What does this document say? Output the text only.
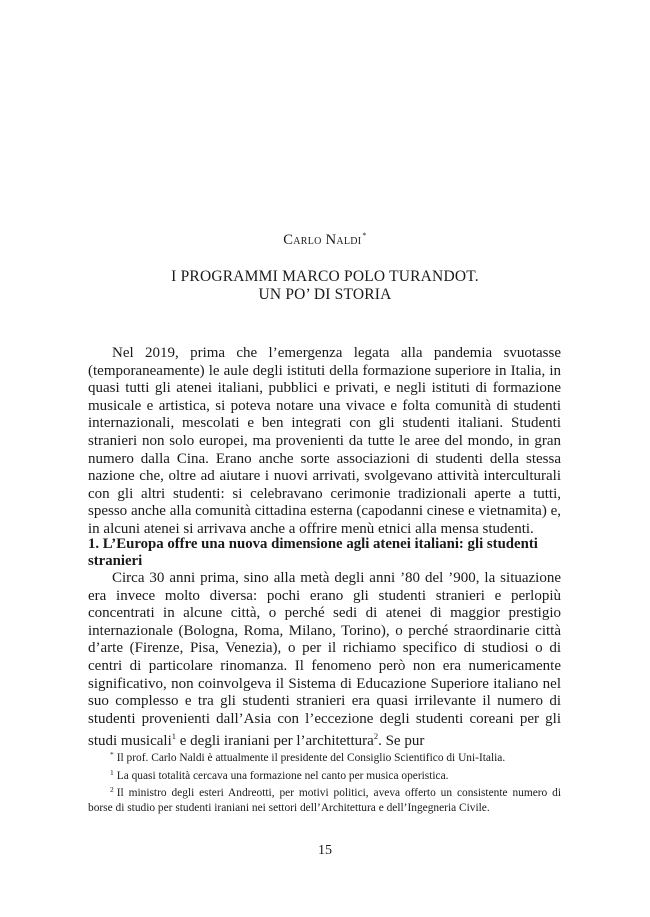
Carlo Naldi*
I PROGRAMMI MARCO POLO TURANDOT.
UN PO’ DI STORIA

Nel 2019, prima che l’emergenza legata alla pandemia svuotasse (temporaneamente) le aule degli istituti della formazione superiore in Italia, in quasi tutti gli atenei italiani, pubblici e privati, e negli istituti di formazione musicale e artistica, si poteva notare una vivace e folta comunità di studenti internazionali, mescolati e ben integrati con gli studenti italiani. Studenti stranieri non solo europei, ma provenienti da tutte le aree del mondo, in gran numero dalla Cina. Erano anche sorte associazioni di studenti della stessa nazione che, oltre ad aiutare i nuovi arrivati, svolgevano attività interculturali con gli altri studenti: si celebravano cerimonie tradizionali aperte a tutti, spesso anche alla comunità cittadina esterna (capodanni cinese e vietnamita) e, in alcuni atenei si arrivava anche a offrire menù etnici alla mensa studenti.

1. L’Europa offre una nuova dimensione agli atenei italiani: gli studenti stranieri

Circa 30 anni prima, sino alla metà degli anni ’80 del ’900, la situazione era invece molto diversa: pochi erano gli studenti stranieri e perlopiù concentrati in alcune città, o perché sedi di atenei di maggior prestigio internazionale (Bologna, Roma, Milano, Torino), o perché straordinarie città d’arte (Firenze, Pisa, Venezia), o per il richiamo specifico di studiosi o di centri di particolare rinomanza. Il fenomeno però non era numericamente significativo, non coinvolgeva il Sistema di Educazione Superiore italiano nel suo complesso e tra gli studenti stranieri era quasi irrilevante il numero di studenti provenienti dall’Asia con l’eccezione degli studenti coreani per gli studi musicali$^1$ e degli iraniani per l’architettura$^2$. Se pur

* Il prof. Carlo Naldi è attualmente il presidente del Consiglio Scientifico di Uni-Italia.

$^1$ La quasi totalità cercava una formazione nel canto per musica operistica.

$^2$ Il ministro degli esteri Andreotti, per motivi politici, aveva offerto un consistente numero di borse di studio per studenti iraniani nei settori dell’Architettura e dell’Ingegneria Civile.

15
